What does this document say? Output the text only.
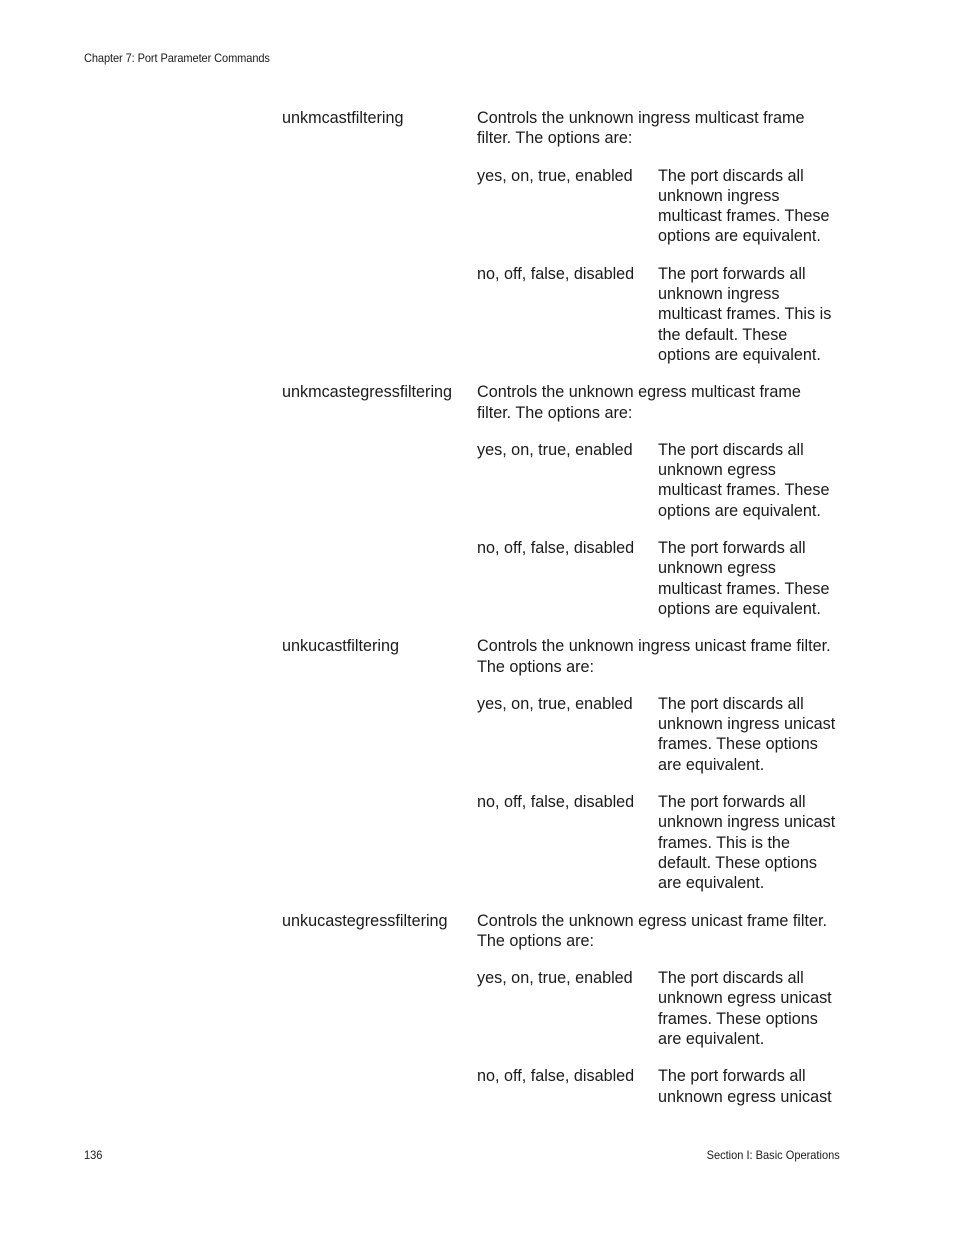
Chapter 7: Port Parameter Commands
unkmcastfiltering	Controls the unknown ingress multicast frame filter. The options are:
yes, on, true, enabled	The port discards all unknown ingress multicast frames. These options are equivalent.
no, off, false, disabled	The port forwards all unknown ingress multicast frames. This is the default. These options are equivalent.
unkmcastegressfiltering	Controls the unknown egress multicast frame filter. The options are:
yes, on, true, enabled	The port discards all unknown egress multicast frames. These options are equivalent.
no, off, false, disabled	The port forwards all unknown egress multicast frames. These options are equivalent.
unkucastfiltering	Controls the unknown ingress unicast frame filter. The options are:
yes, on, true, enabled	The port discards all unknown ingress unicast frames. These options are equivalent.
no, off, false, disabled	The port forwards all unknown ingress unicast frames. This is the default. These options are equivalent.
unkucastegressfiltering	Controls the unknown egress unicast frame filter. The options are:
yes, on, true, enabled	The port discards all unknown egress unicast frames. These options are equivalent.
no, off, false, disabled	The port forwards all unknown egress unicast
136	Section I: Basic Operations
